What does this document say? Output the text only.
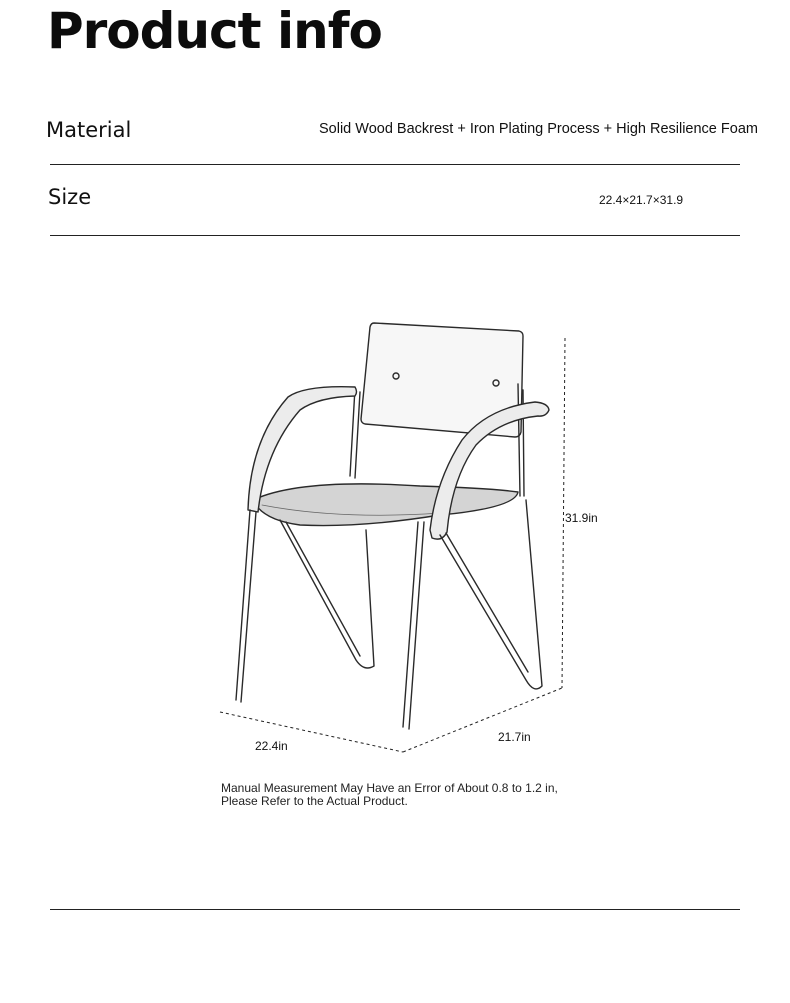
Product info
Material	Solid Wood Backrest + Iron Plating Process + High Resilience Foam
Size	22.4×21.7×31.9
31.9in
22.4in
21.7in
Manual Measurement May Have an Error of About 0.8 to 1.2 in,
Please Refer to the Actual Product.
